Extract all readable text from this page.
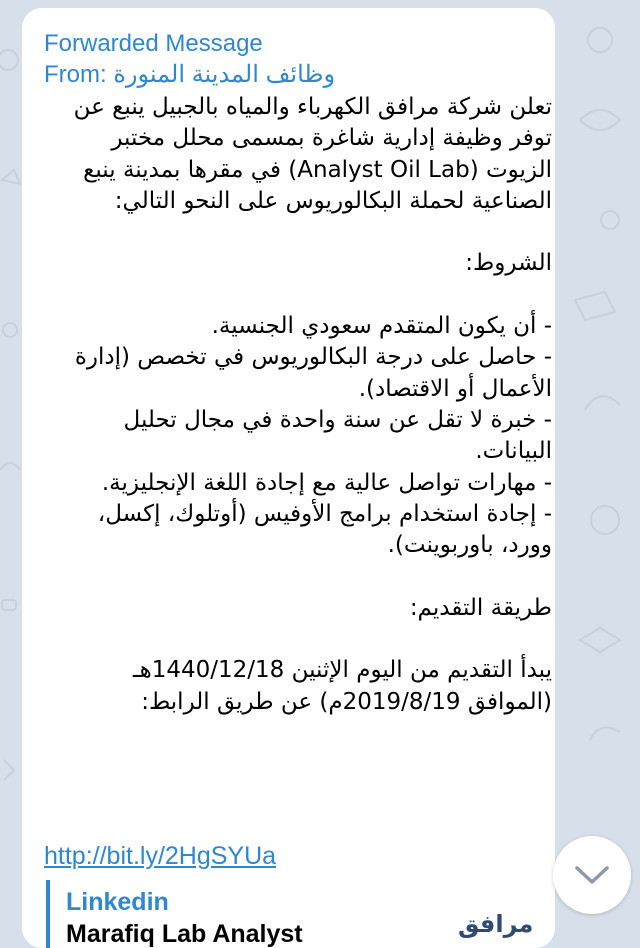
Forwarded Message
From: وظائف المدينة المنورة

تعلن شركة مرافق الكهرباء والمياه بالجبيل ينبع عن توفر وظيفة إدارية شاغرة بمسمى محلل مختبر الزيوت (Analyst Oil Lab) في مقرها بمدينة ينبع الصناعية لحملة البكالوريوس على النحو التالي:

الشروط:

- أن يكون المتقدم سعودي الجنسية.

- حاصل على درجة البكالوريوس في تخصص (إدارة الأعمال أو الاقتصاد).

- خبرة لا تقل عن سنة واحدة في مجال تحليل البيانات.

- مهارات تواصل عالية مع إجادة اللغة الإنجليزية.

- إجادة استخدام برامج الأوفيس (أوتلوك، إكسل، وورد، باوربوينت).

طريقة التقديم:

يبدأ التقديم من اليوم الإثنين 1440/12/18هـ (الموافق 2019/8/19م) عن طريق الرابط:

http://bit.ly/2HgSYUa
Linkedin
Marafiq Lab Analyst	مرافق
